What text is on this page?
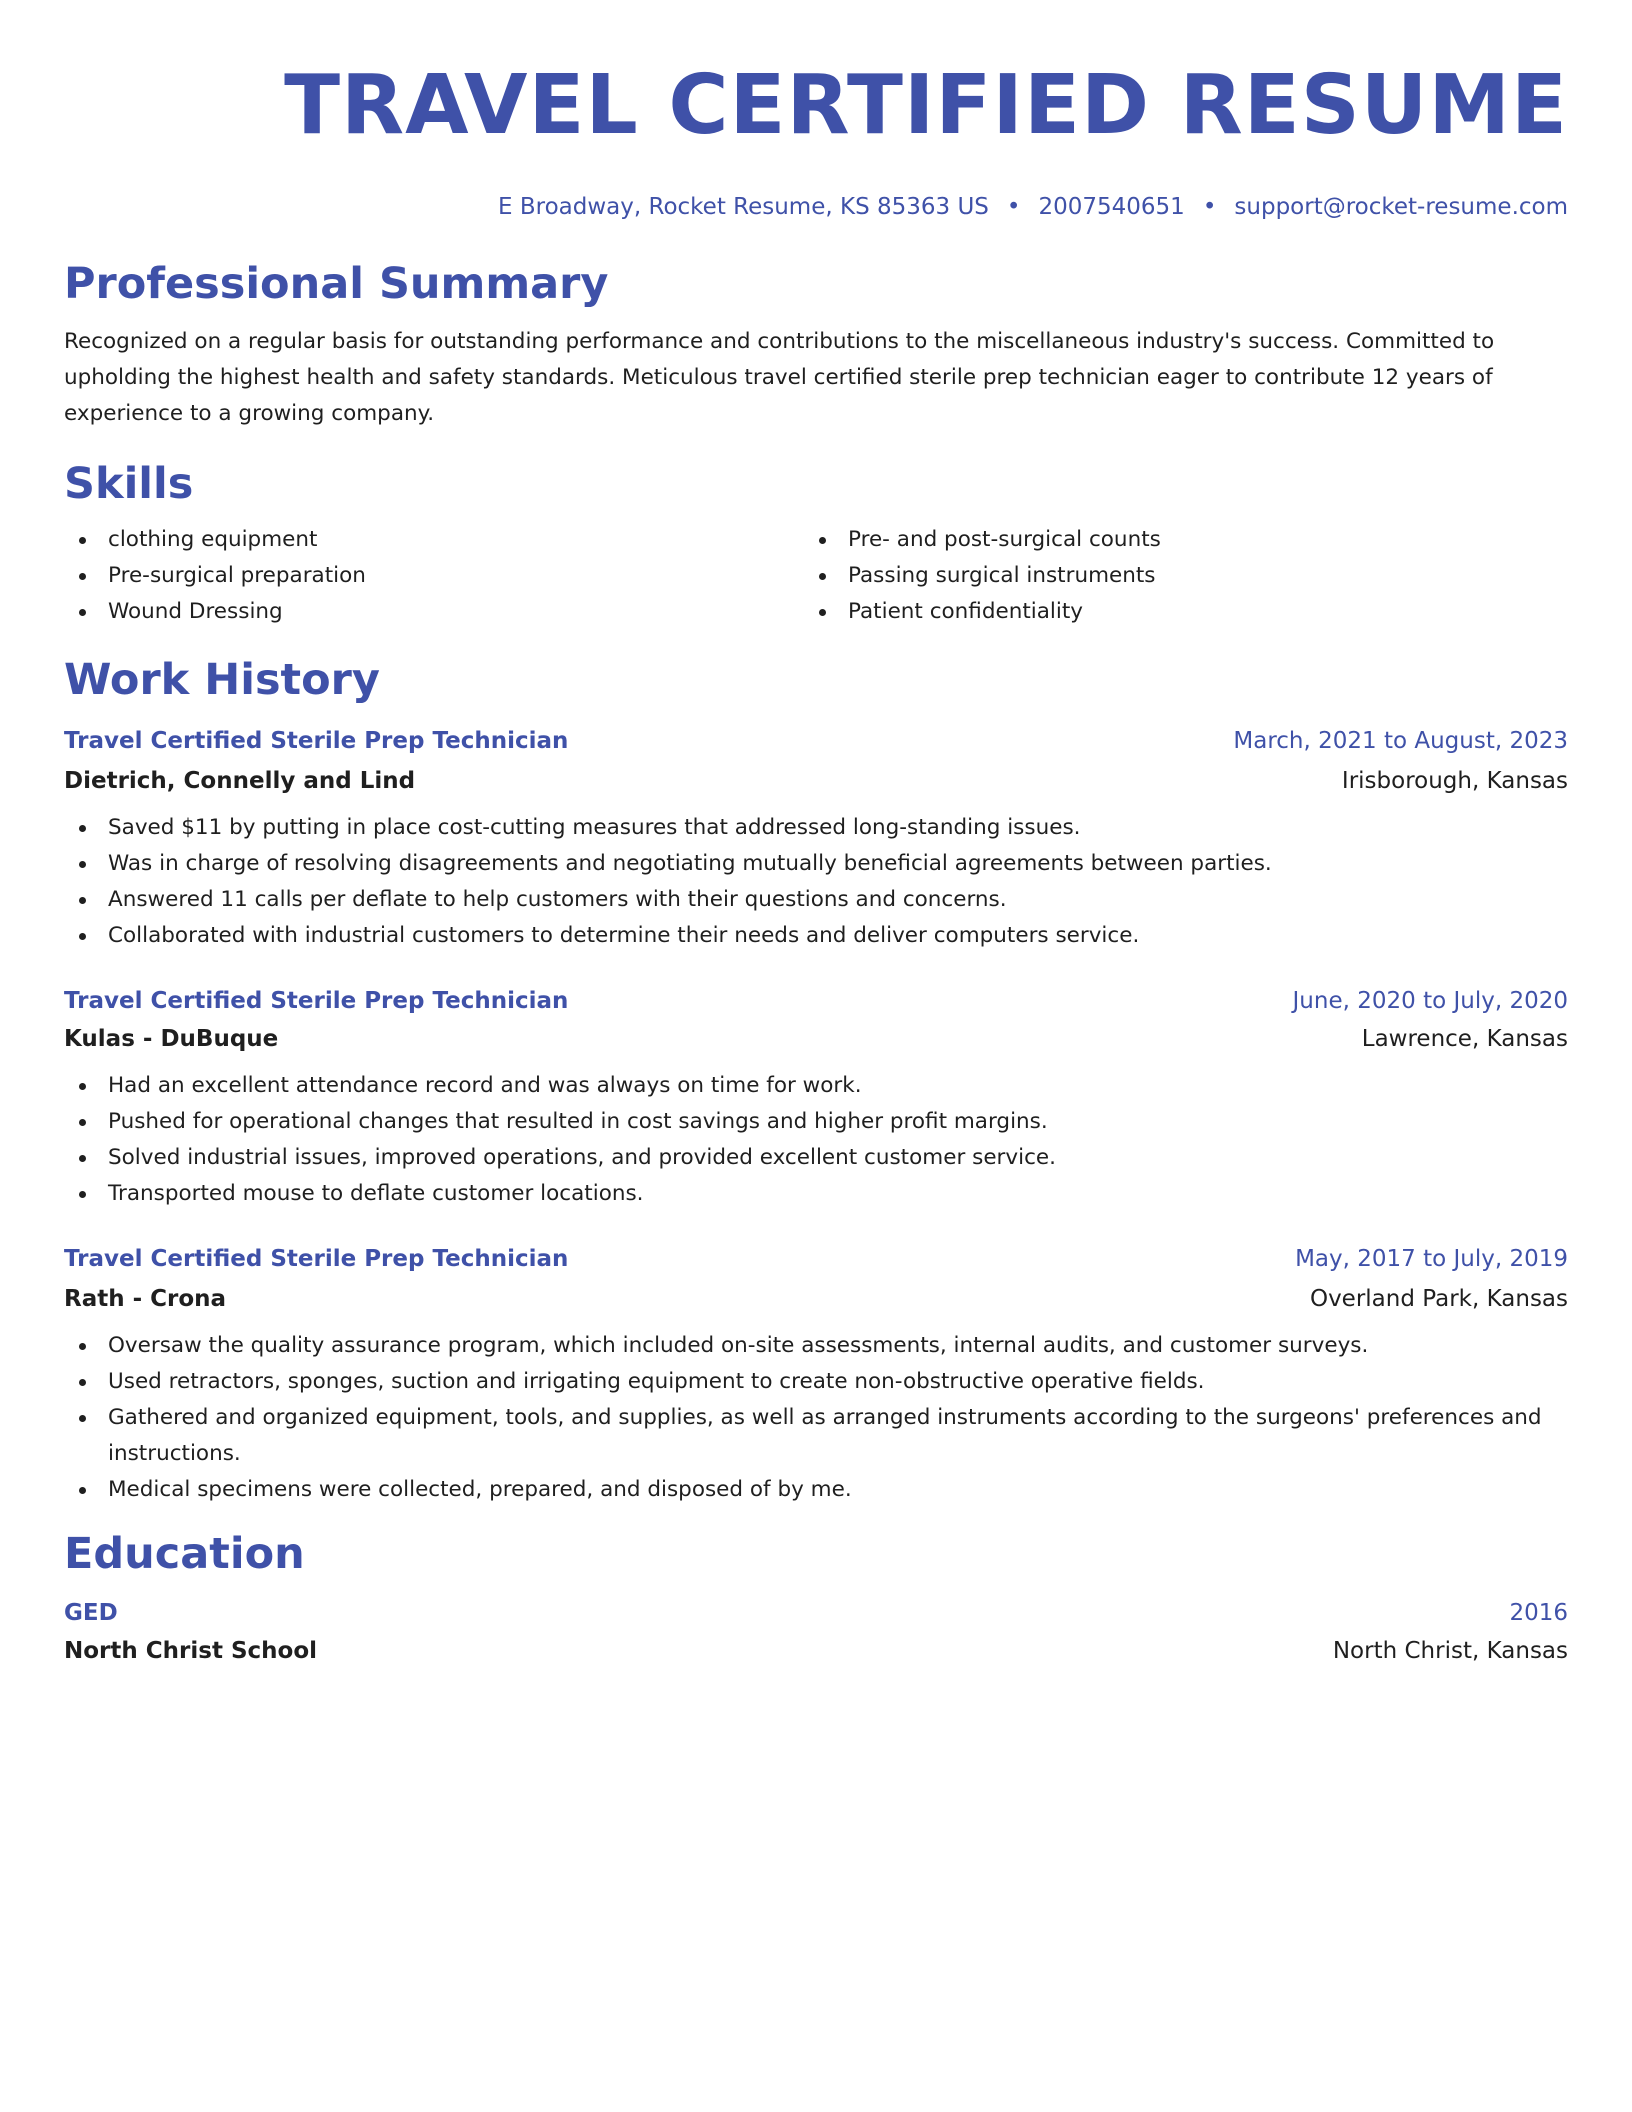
TRAVEL CERTIFIED RESUME
E Broadway, Rocket Resume, KS 85363 US • 2007540651 • support@rocket-resume.com
Professional Summary
Recognized on a regular basis for outstanding performance and contributions to the miscellaneous industry's success. Committed to upholding the highest health and safety standards. Meticulous travel certified sterile prep technician eager to contribute 12 years of experience to a growing company.
Skills
clothing equipment
Pre-surgical preparation
Wound Dressing
Pre- and post-surgical counts
Passing surgical instruments
Patient confidentiality
Work History
Travel Certified Sterile Prep Technician	March, 2021 to August, 2023
Dietrich, Connelly and Lind	Irisborough, Kansas
Saved $11 by putting in place cost-cutting measures that addressed long-standing issues.
Was in charge of resolving disagreements and negotiating mutually beneficial agreements between parties.
Answered 11 calls per deflate to help customers with their questions and concerns.
Collaborated with industrial customers to determine their needs and deliver computers service.
Travel Certified Sterile Prep Technician	June, 2020 to July, 2020
Kulas - DuBuque	Lawrence, Kansas
Had an excellent attendance record and was always on time for work.
Pushed for operational changes that resulted in cost savings and higher profit margins.
Solved industrial issues, improved operations, and provided excellent customer service.
Transported mouse to deflate customer locations.
Travel Certified Sterile Prep Technician	May, 2017 to July, 2019
Rath - Crona	Overland Park, Kansas
Oversaw the quality assurance program, which included on-site assessments, internal audits, and customer surveys.
Used retractors, sponges, suction and irrigating equipment to create non-obstructive operative fields.
Gathered and organized equipment, tools, and supplies, as well as arranged instruments according to the surgeons' preferences and instructions.
Medical specimens were collected, prepared, and disposed of by me.
Education
GED	2016
North Christ School	North Christ, Kansas
